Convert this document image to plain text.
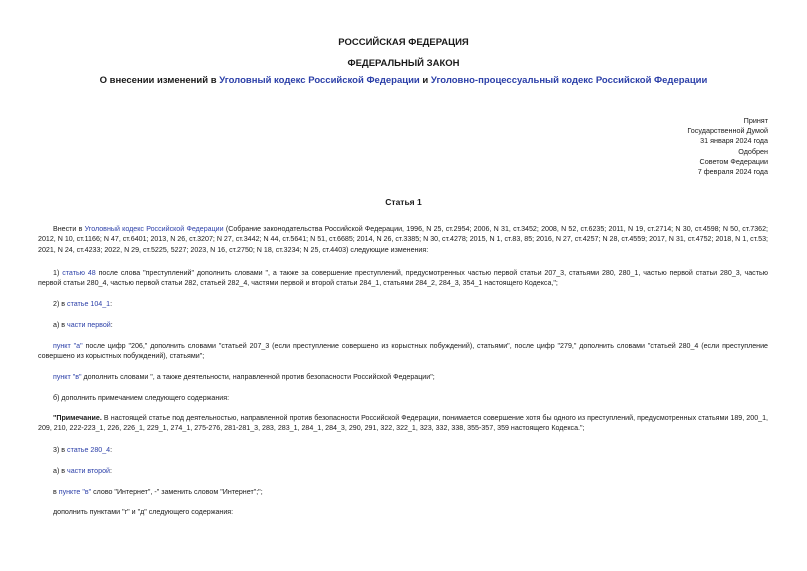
РОССИЙСКАЯ ФЕДЕРАЦИЯ
ФЕДЕРАЛЬНЫЙ ЗАКОН
О внесении изменений в Уголовный кодекс Российской Федерации и Уголовно-процессуальный кодекс Российской Федерации
Принят
Государственной Думой
31 января 2024 года
Одобрен
Советом Федерации
7 февраля 2024 года
Статья 1
Внести в Уголовный кодекс Российской Федерации (Собрание законодательства Российской Федерации, 1996, N 25, ст.2954; 2006, N 31, ст.3452; 2008, N 52, ст.6235; 2011, N 19, ст.2714; N 30, ст.4598; N 50, ст.7362; 2012, N 10, ст.1166; N 47, ст.6401; 2013, N 26, ст.3207; N 27, ст.3442; N 44, ст.5641; N 51, ст.6685; 2014, N 26, ст.3385; N 30, ст.4278; 2015, N 1, ст.83, 85; 2016, N 27, ст.4257; N 28, ст.4559; 2017, N 31, ст.4752; 2018, N 1, ст.53; 2021, N 24, ст.4233; 2022, N 29, ст.5225, 5227; 2023, N 16, ст.2750; N 18, ст.3234; N 25, ст.4403) следующие изменения:
1) статью 48 после слова "преступлений" дополнить словами ", а также за совершение преступлений, предусмотренных частью первой статьи 207_3, статьями 280, 280_1, частью первой статьи 280_3, частью первой статьи 280_4, частью первой статьи 282, статьей 282_4, частями первой и второй статьи 284_1, статьями 284_2, 284_3, 354_1 настоящего Кодекса,";
2) в статье 104_1:
а) в части первой:
пункт "а" после цифр "206," дополнить словами "статьей 207_3 (если преступление совершено из корыстных побуждений), статьями", после цифр "279," дополнить словами "статьей 280_4 (если преступление совершено из корыстных побуждений), статьями";
пункт "в" дополнить словами ", а также деятельности, направленной против безопасности Российской Федерации";
б) дополнить примечанием следующего содержания:
"Примечание. В настоящей статье под деятельностью, направленной против безопасности Российской Федерации, понимается совершение хотя бы одного из преступлений, предусмотренных статьями 189, 200_1, 209, 210, 222-223_1, 226, 226_1, 229_1, 274_1, 275-276, 281-281_3, 283, 283_1, 284_1, 284_3, 290, 291, 322, 322_1, 323, 332, 338, 355-357, 359 настоящего Кодекса.";
3) в статье 280_4:
а) в части второй:
в пункте "в" слово "Интернет", -" заменить словом "Интернет";";
дополнить пунктами "г" и "д" следующего содержания:
